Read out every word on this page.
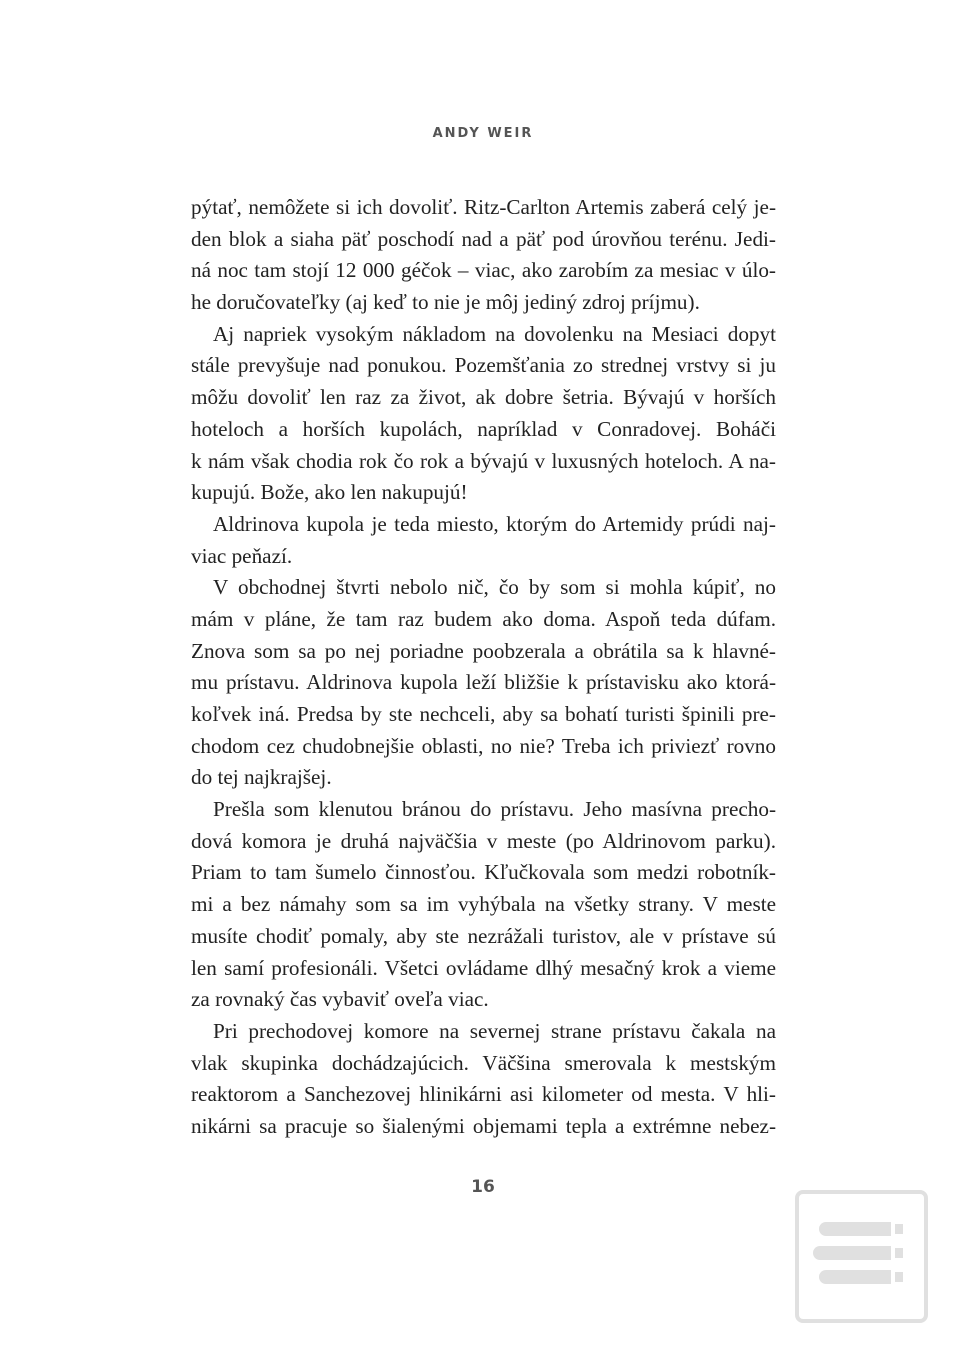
ANDY WEIR
pýtať, nemôžete si ich dovoliť. Ritz-Carlton Artemis zaberá celý je-
den blok a siaha päť poschodí nad a päť pod úrovňou terénu. Jedi-
ná noc tam stojí 12 000 géčok – viac, ako zarobím za mesiac v úlo-
he doručovateľky (aj keď to nie je môj jediný zdroj príjmu).
Aj napriek vysokým nákladom na dovolenku na Mesiaci dopyt
stále prevyšuje nad ponukou. Pozemšťania zo strednej vrstvy si ju
môžu dovoliť len raz za život, ak dobre šetria. Bývajú v horších
hoteloch a horších kupolách, napríklad v Conradovej. Boháči
k nám však chodia rok čo rok a bývajú v luxusných hoteloch. A na-
kupujú. Bože, ako len nakupujú!
Aldrinova kupola je teda miesto, ktorým do Artemidy prúdi naj-
viac peňazí.
V obchodnej štvrti nebolo nič, čo by som si mohla kúpiť, no
mám v pláne, že tam raz budem ako doma. Aspoň teda dúfam.
Znova som sa po nej poriadne poobzerala a obrátila sa k hlavné-
mu prístavu. Aldrinova kupola leží bližšie k prístavisku ako ktorá-
koľvek iná. Predsa by ste nechceli, aby sa bohatí turisti špinili pre-
chodom cez chudobnejšie oblasti, no nie? Treba ich priviezť rovno
do tej najkrajšej.
Prešla som klenutou bránou do prístavu. Jeho masívna precho-
dová komora je druhá najväčšia v meste (po Aldrinovom parku).
Priam to tam šumelo činnosťou. Kľučkovala som medzi robotník-
mi a bez námahy som sa im vyhýbala na všetky strany. V meste
musíte chodiť pomaly, aby ste nezrážali turistov, ale v prístave sú
len samí profesionáli. Všetci ovládame dlhý mesačný krok a vieme
za rovnaký čas vybaviť oveľa viac.
Pri prechodovej komore na severnej strane prístavu čakala na
vlak skupinka dochádzajúcich. Väčšina smerovala k mestským
reaktorom a Sanchezovej hlinikárni asi kilometer od mesta. V hli-
nikárni sa pracuje so šialenými objemami tepla a extrémne nebez-
16
